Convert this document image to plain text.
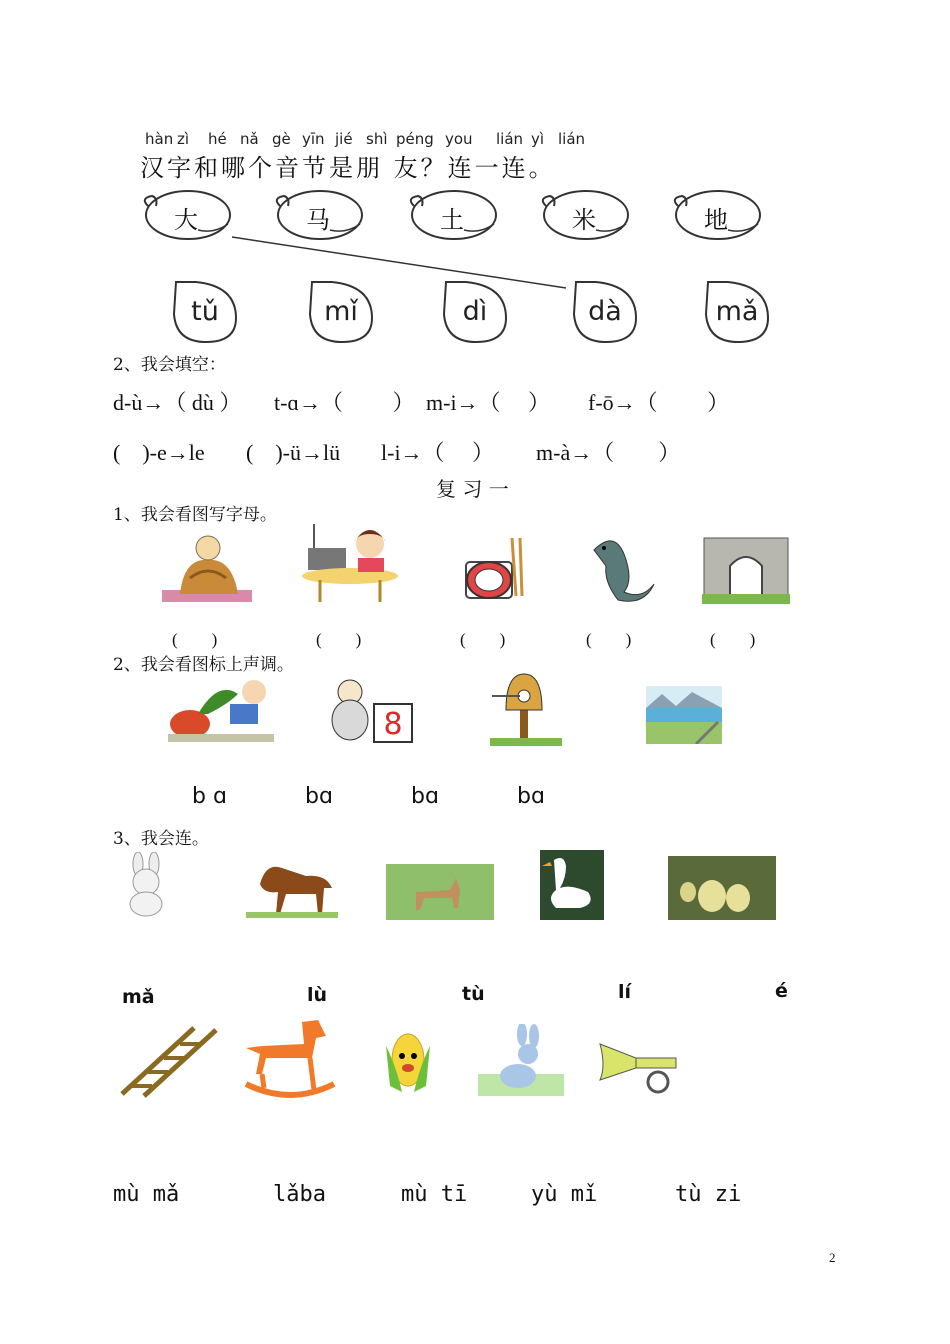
hàn zì hé nǎ gè yīn jié shì péng you lián yì lián
汉字和哪个音节是朋 友？连一连。
大	马	土	米	地
tǔ	mǐ	dì	dà	mǎ
2、我会填空：
d-ù→（ dù ） t-ɑ→（　　 ） m-i→（　 ） f-ō→（　　 ）
(　)-e→le (　)-ü→lü l-i→（　 ） m-à→（　　）
复 习 一
1、我会看图写字母。
(　　)	(　　)	(　　)	(　　)	(　　)
2、我会看图标上声调。
8
b ɑ	bɑ	bɑ	bɑ
3、我会连。
mǎ	lù	tù	lí	é
mù mǎ	lǎba	mù tī	yù mǐ	tù zi
2
